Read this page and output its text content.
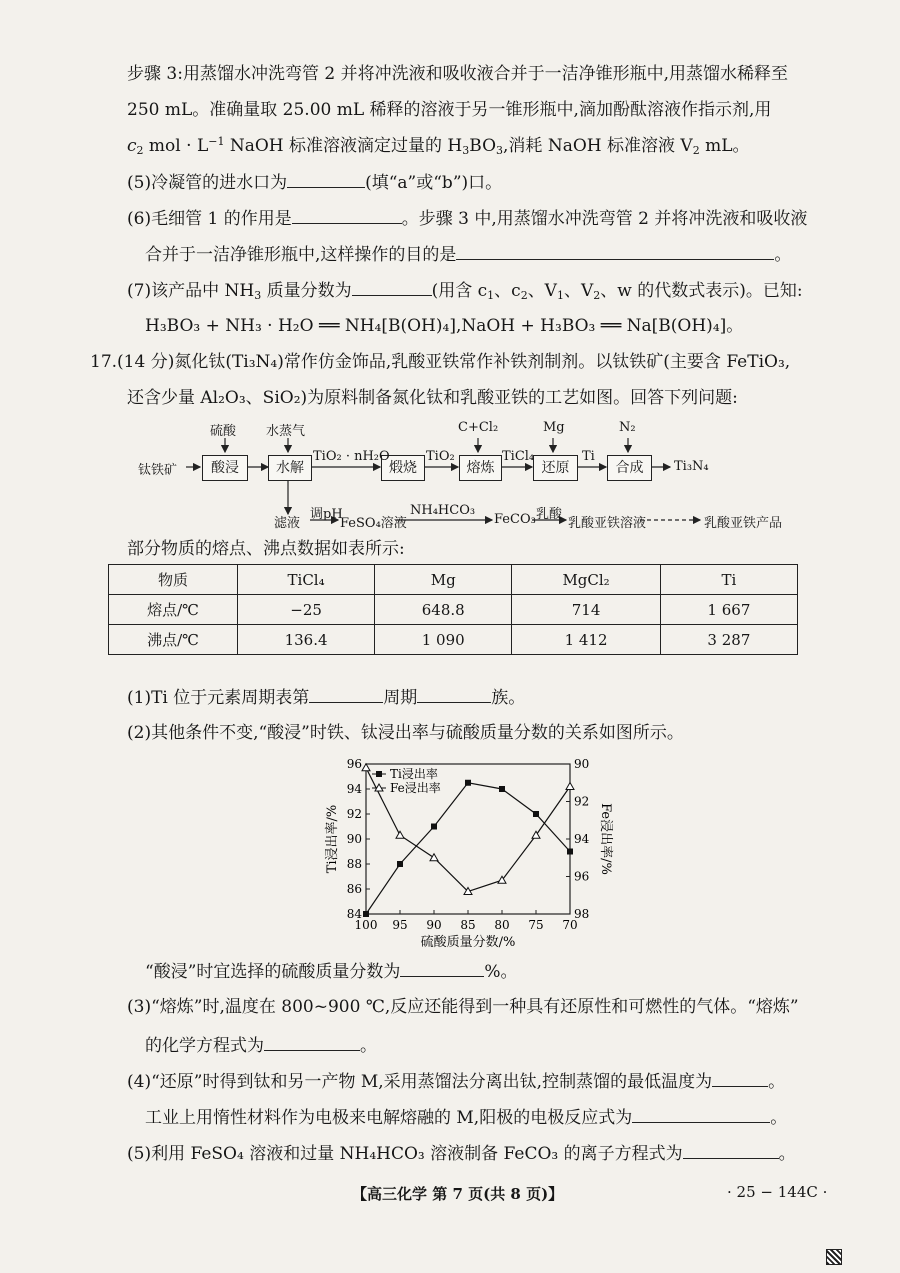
步骤 3:用蒸馏水冲洗弯管 2 并将冲洗液和吸收液合并于一洁净锥形瓶中,用蒸馏水稀释至
250 mL。准确量取 25.00 mL 稀释的溶液于另一锥形瓶中,滴加酚酞溶液作指示剂,用
$c_2$ mol · $L^{-1}$ NaOH 标准溶液滴定过量的 $H_3BO_3$,消耗 NaOH 标准溶液 $V_2$ mL。
(5)冷凝管的进水口为	(填“a”或“b”)口。
(6)毛细管 1 的作用是	。步骤 3 中,用蒸馏水冲洗弯管 2 并将冲洗液和吸收液
合并于一洁净锥形瓶中,这样操作的目的是	。
(7)该产品中 $NH_3$ 质量分数为	(用含 $c_1$、$c_2$、$V_1$、$V_2$、w 的代数式表示)。已知:
H₃BO₃ + NH₃ · H₂O ══ NH₄[B(OH)₄],NaOH + H₃BO₃ ══ Na[B(OH)₄]。
17.(14 分)氮化钛(Ti₃N₄)常作仿金饰品,乳酸亚铁常作补铁剂制剂。以钛铁矿(主要含 FeTiO₃,
还含少量 Al₂O₃、SiO₂)为原料制备氮化钛和乳酸亚铁的工艺如图。回答下列问题:
钛铁矿	酸浸	水解	煅烧	熔炼	还原	合成
硫酸 水蒸气	C+Cl₂	Mg	N₂
TiO₂ · nH₂O	TiO₂	TiCl₄	Ti
Ti₃N₄
滤液
调pH
FeSO₄溶液
NH₄HCO₃
FeCO₃ 乳酸
乳酸亚铁溶液	乳酸亚铁产品
部分物质的熔点、沸点数据如表所示:
物质	TiCl₄	Mg	MgCl₂	Ti
熔点/℃	−25	648.8	714	1 667
沸点/℃	136.4	1 090	1 412	3 287
(1)Ti 位于元素周期表第	周期	族。
(2)其他条件不变,“酸浸”时铁、钛浸出率与硫酸质量分数的关系如图所示。
84
86
88
90
92
94
96	90
92
94
96
98
100 95 90 85 80 75 70
Ti浸出率
Fe浸出率
Ti浸出率/%	Fe浸出率/%
硫酸质量分数/%
“酸浸”时宜选择的硫酸质量分数为	%。
(3)“熔炼”时,温度在 800~900 ℃,反应还能得到一种具有还原性和可燃性的气体。“熔炼”
的化学方程式为	。
(4)“还原”时得到钛和另一产物 M,采用蒸馏法分离出钛,控制蒸馏的最低温度为	。
工业上用惰性材料作为电极来电解熔融的 M,阳极的电极反应式为	。
(5)利用 FeSO₄ 溶液和过量 NH₄HCO₃ 溶液制备 FeCO₃ 的离子方程式为	。
【高三化学 第 7 页(共 8 页)】	· 25 − 144C ·
